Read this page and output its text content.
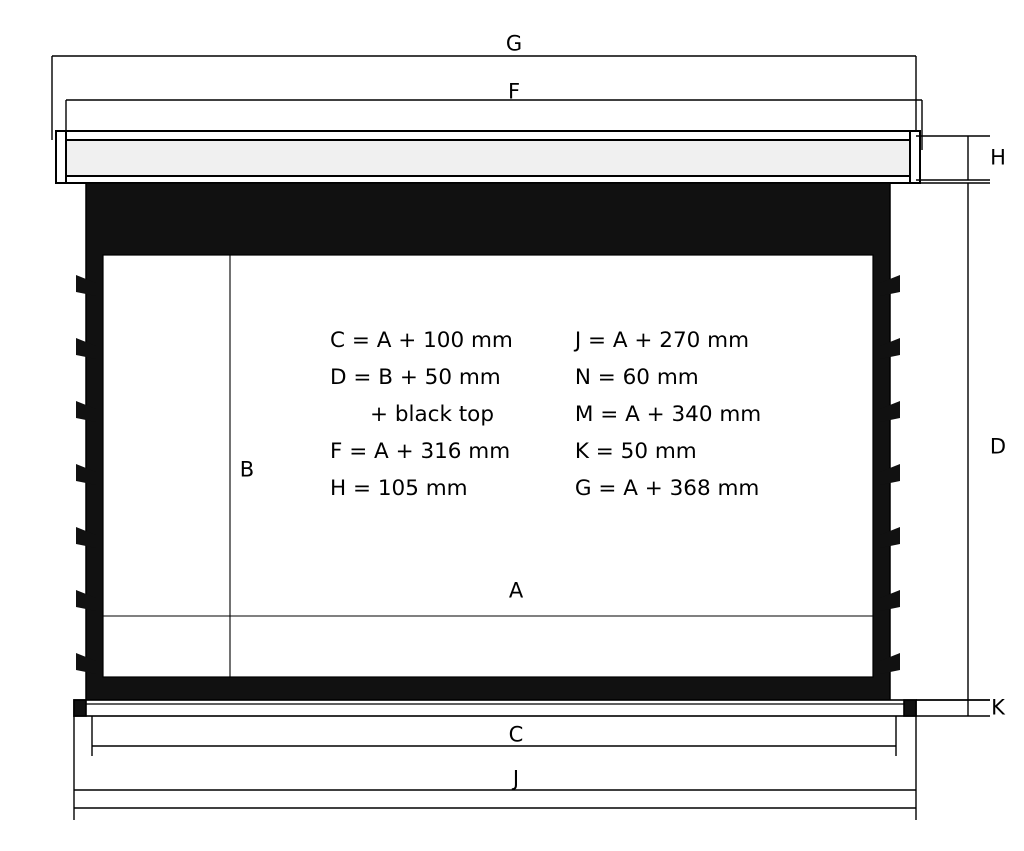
G
F
H
D
K
B
A
C
J
C = A + 100 mm
D = B + 50 mm
+ black top
F = A + 316 mm
H = 105 mm
J = A + 270 mm
N = 60 mm
M = A + 340 mm
K = 50 mm
G = A + 368 mm
